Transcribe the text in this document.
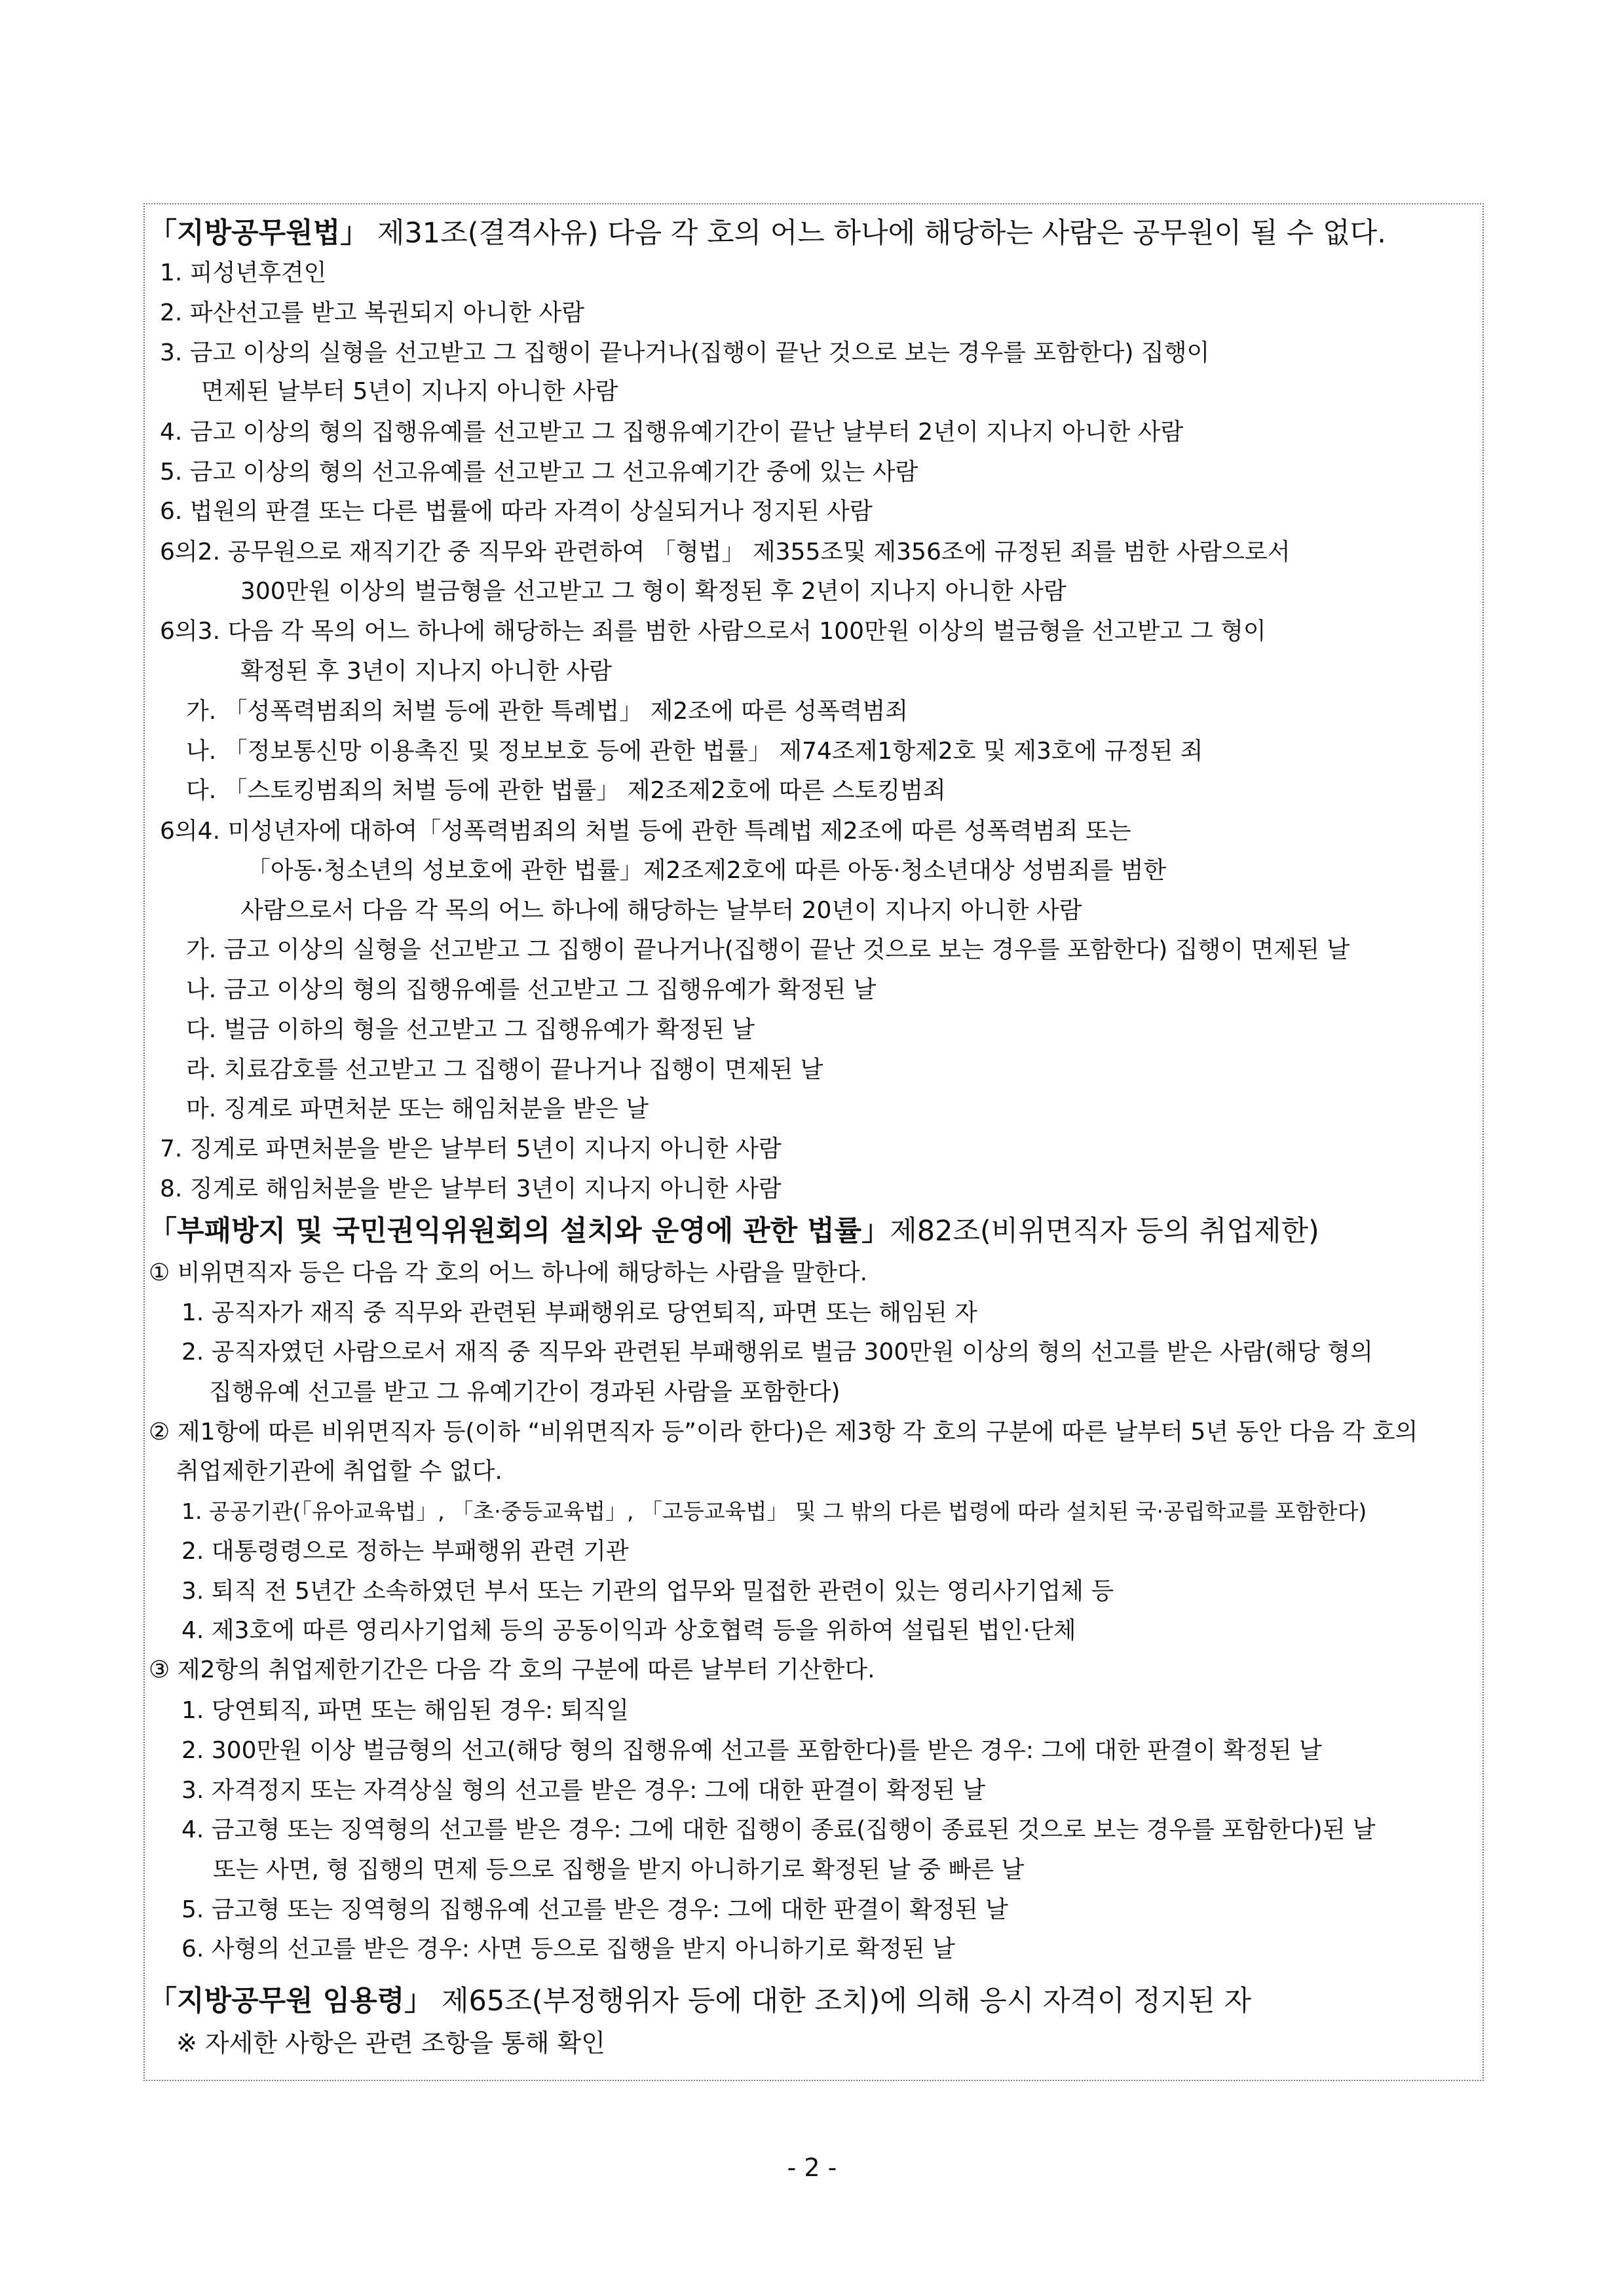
「지방공무원법」 제31조(결격사유) 다음 각 호의 어느 하나에 해당하는 사람은 공무원이 될 수 없다.
1. 피성년후견인
2. 파산선고를 받고 복권되지 아니한 사람
3. 금고 이상의 실형을 선고받고 그 집행이 끝나거나(집행이 끝난 것으로 보는 경우를 포함한다) 집행이
면제된 날부터 5년이 지나지 아니한 사람
4. 금고 이상의 형의 집행유예를 선고받고 그 집행유예기간이 끝난 날부터 2년이 지나지 아니한 사람
5. 금고 이상의 형의 선고유예를 선고받고 그 선고유예기간 중에 있는 사람
6. 법원의 판결 또는 다른 법률에 따라 자격이 상실되거나 정지된 사람
6의2. 공무원으로 재직기간 중 직무와 관련하여 「형법」 제355조및 제356조에 규정된 죄를 범한 사람으로서
300만원 이상의 벌금형을 선고받고 그 형이 확정된 후 2년이 지나지 아니한 사람
6의3. 다음 각 목의 어느 하나에 해당하는 죄를 범한 사람으로서 100만원 이상의 벌금형을 선고받고 그 형이
확정된 후 3년이 지나지 아니한 사람
가. 「성폭력범죄의 처벌 등에 관한 특례법」 제2조에 따른 성폭력범죄
나. 「정보통신망 이용촉진 및 정보보호 등에 관한 법률」 제74조제1항제2호 및 제3호에 규정된 죄
다. 「스토킹범죄의 처벌 등에 관한 법률」 제2조제2호에 따른 스토킹범죄
6의4. 미성년자에 대하여「성폭력범죄의 처벌 등에 관한 특례법 제2조에 따른 성폭력범죄 또는
「아동·청소년의 성보호에 관한 법률」제2조제2호에 따른 아동·청소년대상 성범죄를 범한
사람으로서 다음 각 목의 어느 하나에 해당하는 날부터 20년이 지나지 아니한 사람
가. 금고 이상의 실형을 선고받고 그 집행이 끝나거나(집행이 끝난 것으로 보는 경우를 포함한다) 집행이 면제된 날
나. 금고 이상의 형의 집행유예를 선고받고 그 집행유예가 확정된 날
다. 벌금 이하의 형을 선고받고 그 집행유예가 확정된 날
라. 치료감호를 선고받고 그 집행이 끝나거나 집행이 면제된 날
마. 징계로 파면처분 또는 해임처분을 받은 날
7. 징계로 파면처분을 받은 날부터 5년이 지나지 아니한 사람
8. 징계로 해임처분을 받은 날부터 3년이 지나지 아니한 사람
「부패방지 및 국민권익위원회의 설치와 운영에 관한 법률」제82조(비위면직자 등의 취업제한)
① 비위면직자 등은 다음 각 호의 어느 하나에 해당하는 사람을 말한다.
1. 공직자가 재직 중 직무와 관련된 부패행위로 당연퇴직, 파면 또는 해임된 자
2. 공직자였던 사람으로서 재직 중 직무와 관련된 부패행위로 벌금 300만원 이상의 형의 선고를 받은 사람(해당 형의
집행유예 선고를 받고 그 유예기간이 경과된 사람을 포함한다)
② 제1항에 따른 비위면직자 등(이하 “비위면직자 등”이라 한다)은 제3항 각 호의 구분에 따른 날부터 5년 동안 다음 각 호의
취업제한기관에 취업할 수 없다.
1. 공공기관(「유아교육법」, 「초·중등교육법」, 「고등교육법」 및 그 밖의 다른 법령에 따라 설치된 국·공립학교를 포함한다)
2. 대통령령으로 정하는 부패행위 관련 기관
3. 퇴직 전 5년간 소속하였던 부서 또는 기관의 업무와 밀접한 관련이 있는 영리사기업체 등
4. 제3호에 따른 영리사기업체 등의 공동이익과 상호협력 등을 위하여 설립된 법인·단체
③ 제2항의 취업제한기간은 다음 각 호의 구분에 따른 날부터 기산한다.
1. 당연퇴직, 파면 또는 해임된 경우: 퇴직일
2. 300만원 이상 벌금형의 선고(해당 형의 집행유예 선고를 포함한다)를 받은 경우: 그에 대한 판결이 확정된 날
3. 자격정지 또는 자격상실 형의 선고를 받은 경우: 그에 대한 판결이 확정된 날
4. 금고형 또는 징역형의 선고를 받은 경우: 그에 대한 집행이 종료(집행이 종료된 것으로 보는 경우를 포함한다)된 날
또는 사면, 형 집행의 면제 등으로 집행을 받지 아니하기로 확정된 날 중 빠른 날
5. 금고형 또는 징역형의 집행유예 선고를 받은 경우: 그에 대한 판결이 확정된 날
6. 사형의 선고를 받은 경우: 사면 등으로 집행을 받지 아니하기로 확정된 날
「지방공무원 임용령」 제65조(부정행위자 등에 대한 조치)에 의해 응시 자격이 정지된 자
※ 자세한 사항은 관련 조항을 통해 확인
- 2 -
